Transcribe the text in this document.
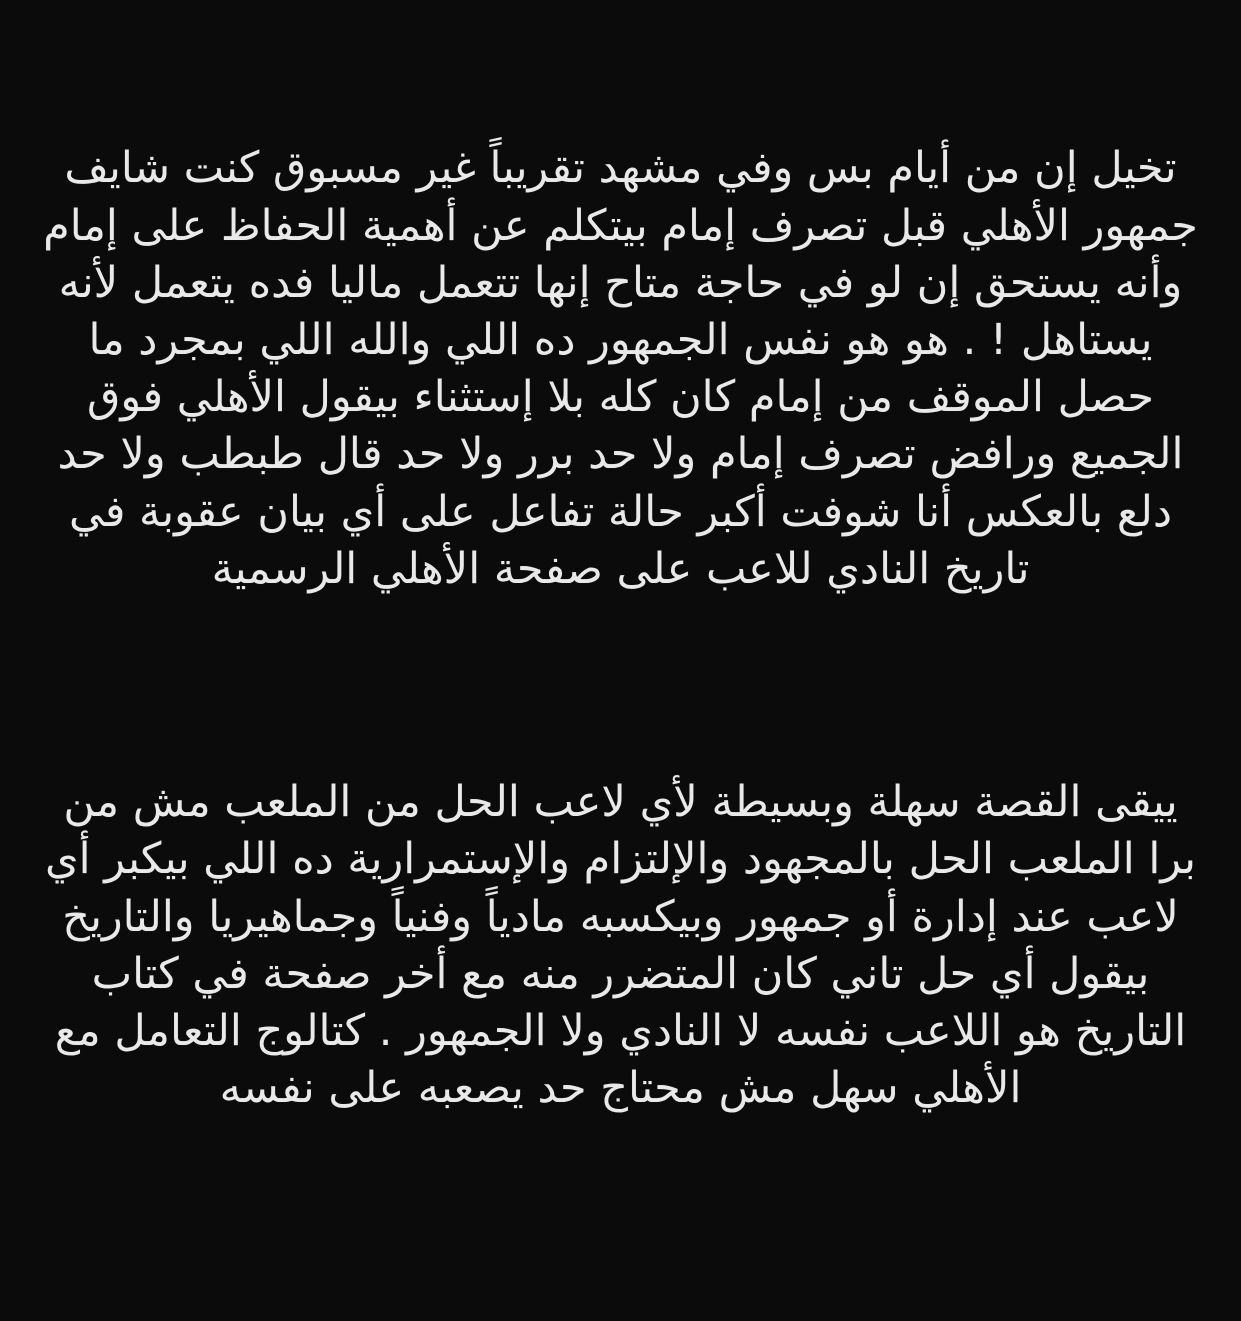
تخيل إن من أيام بس وفي مشهد تقريباً غير مسبوق كنت شايف جمهور الأهلي قبل تصرف إمام بيتكلم عن أهمية الحفاظ على إمام وأنه يستحق إن لو في حاجة متاح إنها تتعمل ماليا فده يتعمل لأنه يستاهل ! . هو هو نفس الجمهور ده اللي والله اللي بمجرد ما حصل الموقف من إمام كان كله بلا إستثناء بيقول الأهلي فوق الجميع ورافض تصرف إمام ولا حد برر ولا حد قال طبطب ولا حد دلع بالعكس أنا شوفت أكبر حالة تفاعل على أي بيان عقوبة في تاريخ النادي للاعب على صفحة الأهلي الرسمية

ييقى القصة سهلة وبسيطة لأي لاعب الحل من الملعب مش من برا الملعب الحل بالمجهود والإلتزام والإستمرارية ده اللي بيكبر أي لاعب عند إدارة أو جمهور وبيكسبه مادياً وفنياً وجماهيريا والتاريخ بيقول أي حل تاني كان المتضرر منه مع أخر صفحة في كتاب التاريخ هو اللاعب نفسه لا النادي ولا الجمهور . كتالوج التعامل مع الأهلي سهل مش محتاج حد يصعبه على نفسه
